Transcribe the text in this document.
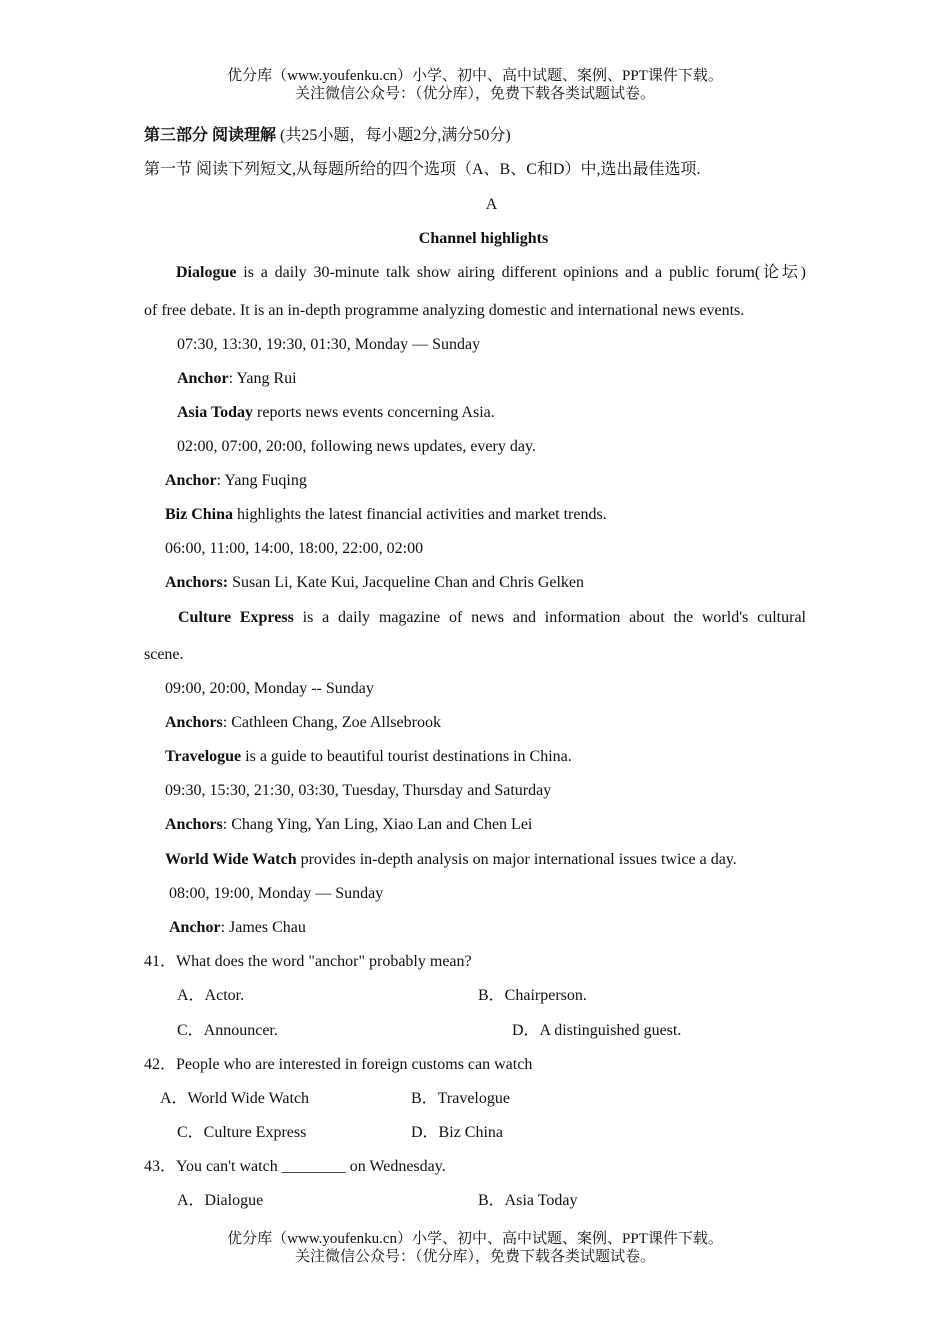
优分库（www.youfenku.cn）小学、初中、高中试题、案例、PPT课件下载。
关注微信公众号：（优分库），免费下载各类试题试卷。
第三部分 阅读理解 (共25小题，每小题2分,满分50分)
第一节 阅读下列短文,从每题所给的四个选项（A、B、C和D）中,选出最佳选项.
A
Channel highlights
Dialogue is a daily 30-minute talk show airing different opinions and a public forum(论坛)
of free debate. It is an in-depth programme analyzing domestic and international news events.
07:30, 13:30, 19:30, 01:30, Monday — Sunday
Anchor: Yang Rui
Asia Today reports news events concerning Asia.
02:00, 07:00, 20:00, following news updates, every day.
Anchor: Yang Fuqing
Biz China highlights the latest financial activities and market trends.
06:00, 11:00, 14:00, 18:00, 22:00, 02:00
Anchors: Susan Li, Kate Kui, Jacqueline Chan and Chris Gelken
Culture Express is a daily magazine of news and information about the world's cultural
scene.
09:00, 20:00, Monday -- Sunday
Anchors: Cathleen Chang, Zoe Allsebrook
Travelogue is a guide to beautiful tourist destinations in China.
09:30, 15:30, 21:30, 03:30, Tuesday, Thursday and Saturday
Anchors: Chang Ying, Yan Ling, Xiao Lan and Chen Lei
World Wide Watch provides in-depth analysis on major international issues twice a day.
08:00, 19:00, Monday — Sunday
Anchor: James Chau
41．What does the word "anchor" probably mean?
A．Actor.	B．Chairperson.
C．Announcer.	D．A distinguished guest.
42．People who are interested in foreign customs can watch
A．World Wide Watch	B．Travelogue
C．Culture Express	D．Biz China
43．You can't watch ________ on Wednesday.
A．Dialogue	B．Asia Today
优分库（www.youfenku.cn）小学、初中、高中试题、案例、PPT课件下载。
关注微信公众号：（优分库），免费下载各类试题试卷。
